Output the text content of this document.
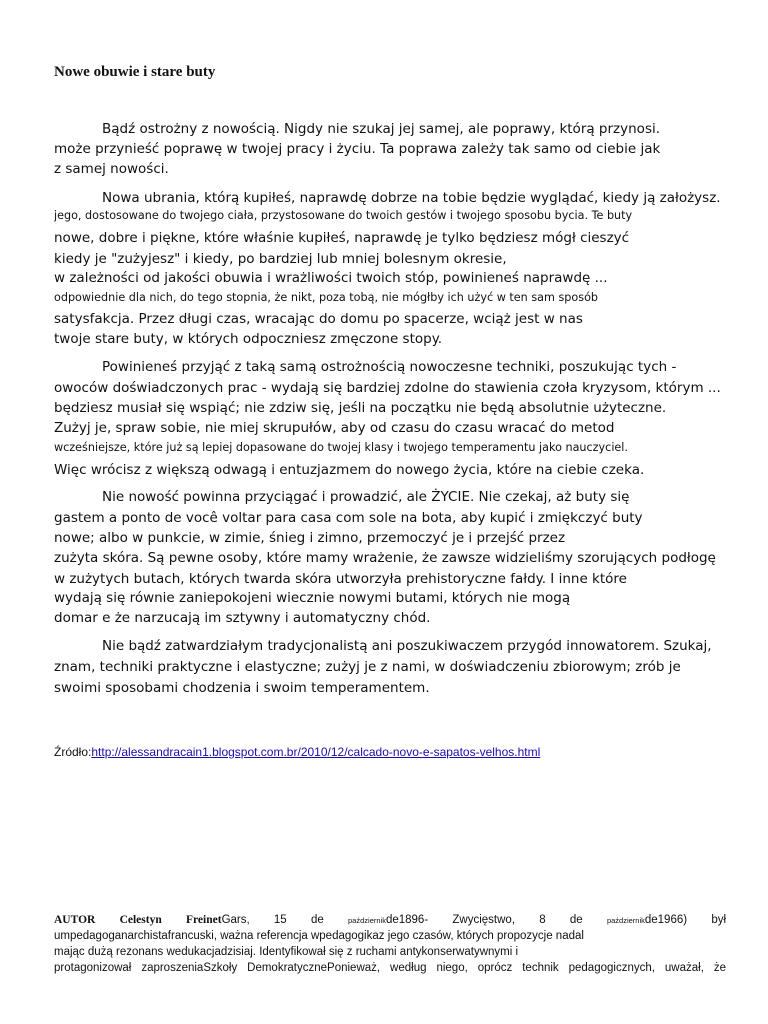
Nowe obuwie i stare buty
Bądź ostrożny z nowością. Nigdy nie szukaj jej samej, ale poprawy, którą przynosi.
może przynieść poprawę w twojej pracy i życiu. Ta poprawa zależy tak samo od ciebie jak
z samej nowości.
Nowa ubrania, którą kupiłeś, naprawdę dobrze na tobie będzie wyglądać, kiedy ją założysz.
jego, dostosowane do twojego ciała, przystosowane do twoich gestów i twojego sposobu bycia. Te buty
nowe, dobre i piękne, które właśnie kupiłeś, naprawdę je tylko będziesz mógł cieszyć
kiedy je "zużyjesz" i kiedy, po bardziej lub mniej bolesnym okresie,
w zależności od jakości obuwia i wrażliwości twoich stóp, powinieneś naprawdę ...
odpowiednie dla nich, do tego stopnia, że nikt, poza tobą, nie mógłby ich użyć w ten sam sposób
satysfakcja. Przez długi czas, wracając do domu po spacerze, wciąż jest w nas
twoje stare buty, w których odpoczniesz zmęczone stopy.
Powinieneś przyjąć z taką samą ostrożnością nowoczesne techniki, poszukując tych -
owoców doświadczonych prac - wydają się bardziej zdolne do stawienia czoła kryzysom, którym ...
będziesz musiał się wspiąć; nie zdziw się, jeśli na początku nie będą absolutnie użyteczne.
Zużyj je, spraw sobie, nie miej skrupułów, aby od czasu do czasu wracać do metod
wcześniejsze, które już są lepiej dopasowane do twojej klasy i twojego temperamentu jako nauczyciel.
Więc wrócisz z większą odwagą i entuzjazmem do nowego życia, które na ciebie czeka.
Nie nowość powinna przyciągać i prowadzić, ale ŻYCIE. Nie czekaj, aż buty się
gastem a ponto de você voltar para casa com sole na bota, aby kupić i zmiękczyć buty
nowe; albo w punkcie, w zimie, śnieg i zimno, przemoczyć je i przejść przez
zużyta skóra. Są pewne osoby, które mamy wrażenie, że zawsze widzieliśmy szorujących podłogę
w zużytych butach, których twarda skóra utworzyła prehistoryczne fałdy. I inne które
wydają się równie zaniepokojeni wiecznie nowymi butami, których nie mogą
domar e że narzucają im sztywny i automatyczny chód.
Nie bądź zatwardziałym tradycjonalistą ani poszukiwaczem przygód innowatorem. Szukaj,
znam, techniki praktyczne i elastyczne; zużyj je z nami, w doświadczeniu zbiorowym; zrób je
swoimi sposobami chodzenia i swoim temperamentem.
Źródło:http://alessandracain1.blogspot.com.br/2010/12/calcado-novo-e-sapatos-velhos.html
AUTOR Celestyn FreinetGars, 15 de	październikde1896- Zwycięstwo, 8 de	październikde1966) był
umpedagoganarchistafrancuski, ważna referencja wpedagogikaz jego czasów, których propozycje nadal
mając dużą rezonans wedukacjadzisiaj. Identyfikował się z ruchami antykonserwatywnymi i
protagonizował zaproszeniaSzkoły DemokratycznePonieważ, według niego, oprócz technik pedagogicznych, uważał, że
